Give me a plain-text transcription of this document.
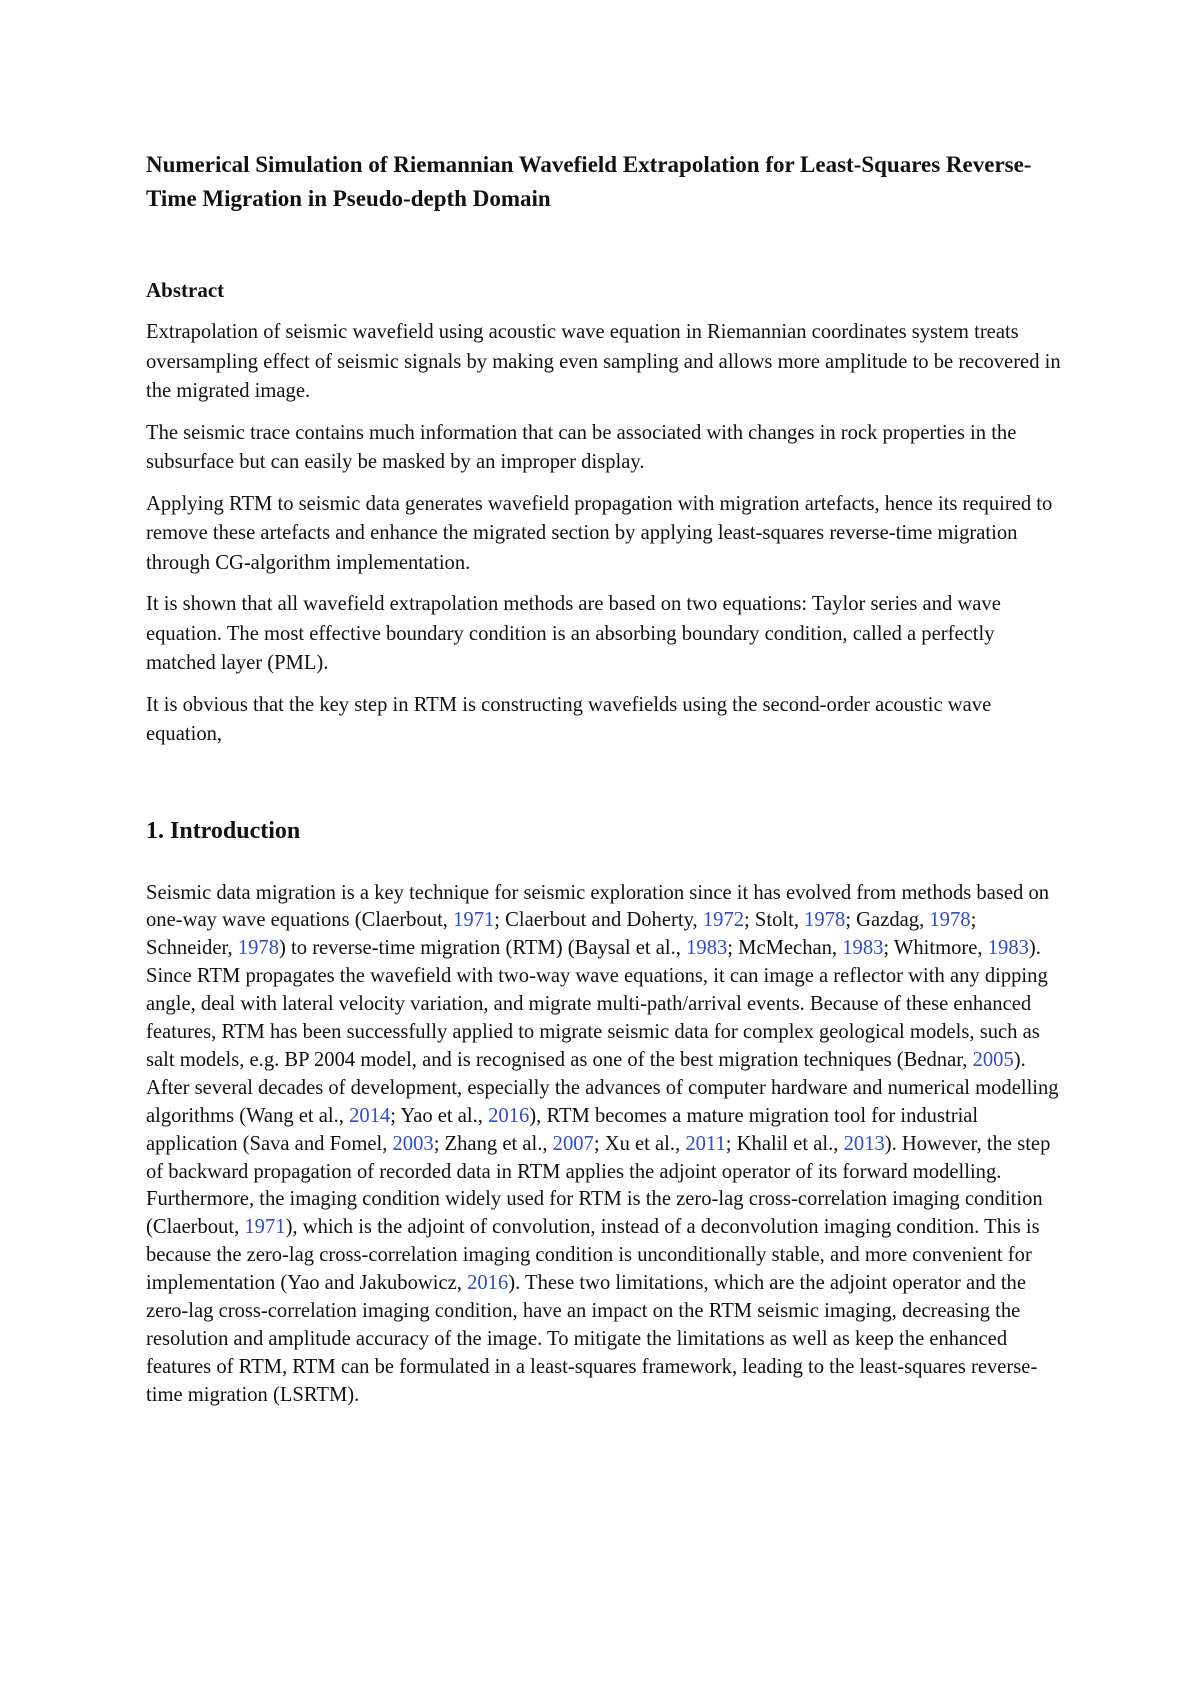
Numerical Simulation of Riemannian Wavefield Extrapolation for Least-Squares Reverse-Time Migration in Pseudo-depth Domain
Abstract

Extrapolation of seismic wavefield using acoustic wave equation in Riemannian coordinates system treats oversampling effect of seismic signals by making even sampling and allows more amplitude to be recovered in the migrated image.

The seismic trace contains much information that can be associated with changes in rock properties in the subsurface but can easily be masked by an improper display.

Applying RTM to seismic data generates wavefield propagation with migration artefacts, hence its required to remove these artefacts and enhance the migrated section by applying least-squares reverse-time migration through CG-algorithm implementation.

It is shown that all wavefield extrapolation methods are based on two equations: Taylor series and wave equation. The most effective boundary condition is an absorbing boundary condition, called a perfectly matched layer (PML).

It is obvious that the key step in RTM is constructing wavefields using the second-order acoustic wave equation,

1. Introduction

Seismic data migration is a key technique for seismic exploration since it has evolved from methods based on one-way wave equations (Claerbout, 1971; Claerbout and Doherty, 1972; Stolt, 1978; Gazdag, 1978; Schneider, 1978) to reverse-time migration (RTM) (Baysal et al., 1983; McMechan, 1983; Whitmore, 1983). Since RTM propagates the wavefield with two-way wave equations, it can image a reflector with any dipping angle, deal with lateral velocity variation, and migrate multi-path/arrival events. Because of these enhanced features, RTM has been successfully applied to migrate seismic data for complex geological models, such as salt models, e.g. BP 2004 model, and is recognised as one of the best migration techniques (Bednar, 2005). After several decades of development, especially the advances of computer hardware and numerical modelling algorithms (Wang et al., 2014; Yao et al., 2016), RTM becomes a mature migration tool for industrial application (Sava and Fomel, 2003; Zhang et al., 2007; Xu et al., 2011; Khalil et al., 2013). However, the step of backward propagation of recorded data in RTM applies the adjoint operator of its forward modelling. Furthermore, the imaging condition widely used for RTM is the zero-lag cross-correlation imaging condition (Claerbout, 1971), which is the adjoint of convolution, instead of a deconvolution imaging condition. This is because the zero-lag cross-correlation imaging condition is unconditionally stable, and more convenient for implementation (Yao and Jakubowicz, 2016). These two limitations, which are the adjoint operator and the zero-lag cross-correlation imaging condition, have an impact on the RTM seismic imaging, decreasing the resolution and amplitude accuracy of the image. To mitigate the limitations as well as keep the enhanced features of RTM, RTM can be formulated in a least-squares framework, leading to the least-squares reverse-time migration (LSRTM).
